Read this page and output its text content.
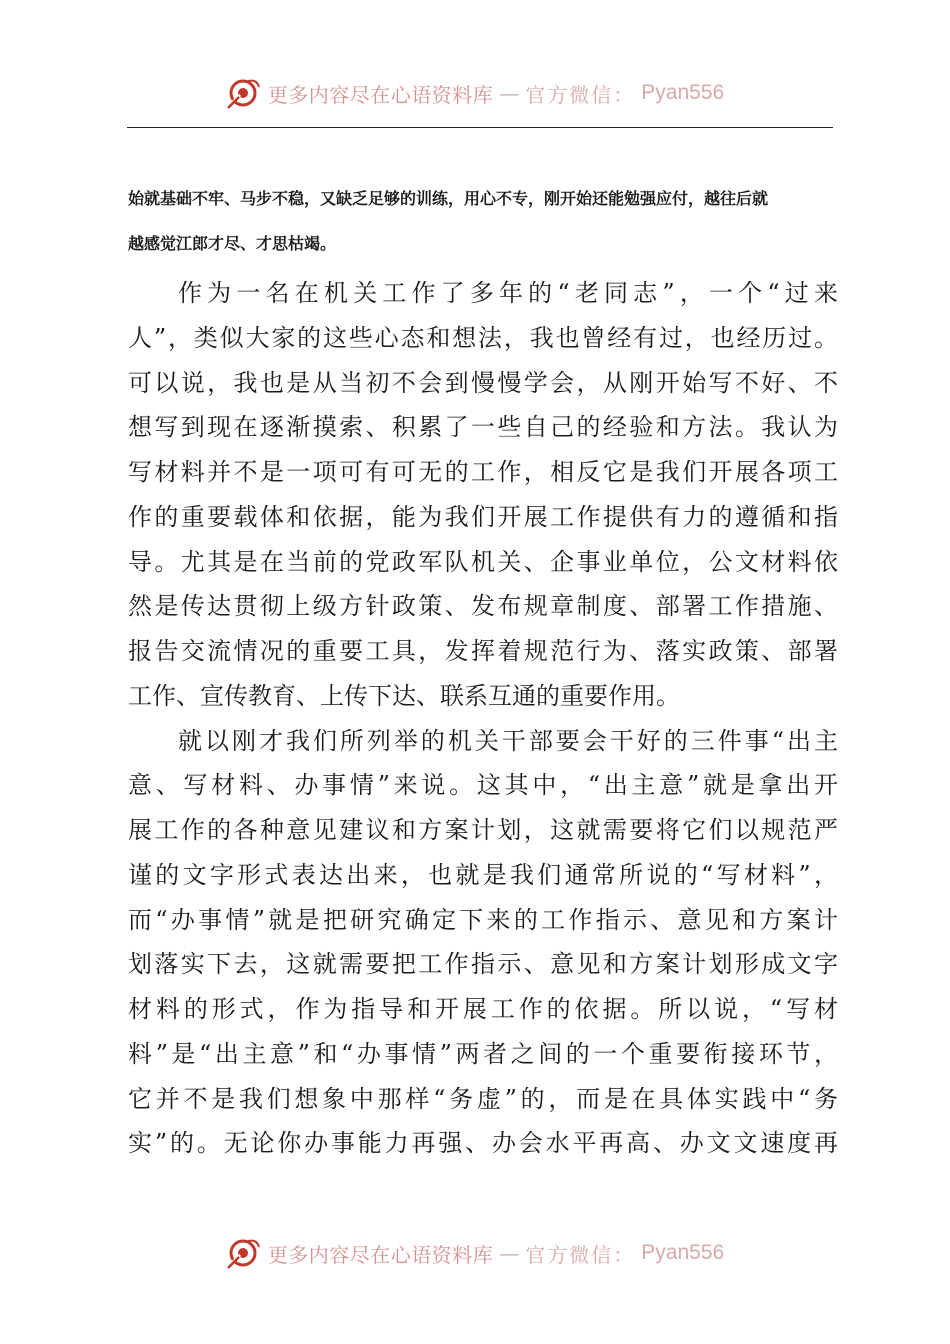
更多内容尽在心语资料库 — 官方微信： Pyan556
始就基础不牢、马步不稳，又缺乏足够的训练，用心不专，刚开始还能勉强应付，越往后就
越感觉江郎才尽、才思枯竭。
作为一名在机关工作了多年的“老同志”，一个“过来
人”，类似大家的这些心态和想法，我也曾经有过，也经历过。
可以说，我也是从当初不会到慢慢学会，从刚开始写不好、不
想写到现在逐渐摸索、积累了一些自己的经验和方法。我认为
写材料并不是一项可有可无的工作，相反它是我们开展各项工
作的重要载体和依据，能为我们开展工作提供有力的遵循和指
导。尤其是在当前的党政军队机关、企事业单位，公文材料依
然是传达贯彻上级方针政策、发布规章制度、部署工作措施、
报告交流情况的重要工具，发挥着规范行为、落实政策、部署
工作、宣传教育、上传下达、联系互通的重要作用。
就以刚才我们所列举的机关干部要会干好的三件事“出主
意、写材料、办事情”来说。这其中，“出主意”就是拿出开
展工作的各种意见建议和方案计划，这就需要将它们以规范严
谨的文字形式表达出来，也就是我们通常所说的“写材料”，
而“办事情”就是把研究确定下来的工作指示、意见和方案计
划落实下去，这就需要把工作指示、意见和方案计划形成文字
材料的形式，作为指导和开展工作的依据。所以说，“写材
料”是“出主意”和“办事情”两者之间的一个重要衔接环节，
它并不是我们想象中那样“务虚”的，而是在具体实践中“务
实”的。无论你办事能力再强、办会水平再高、办文文速度再
更多内容尽在心语资料库 — 官方微信： Pyan556
